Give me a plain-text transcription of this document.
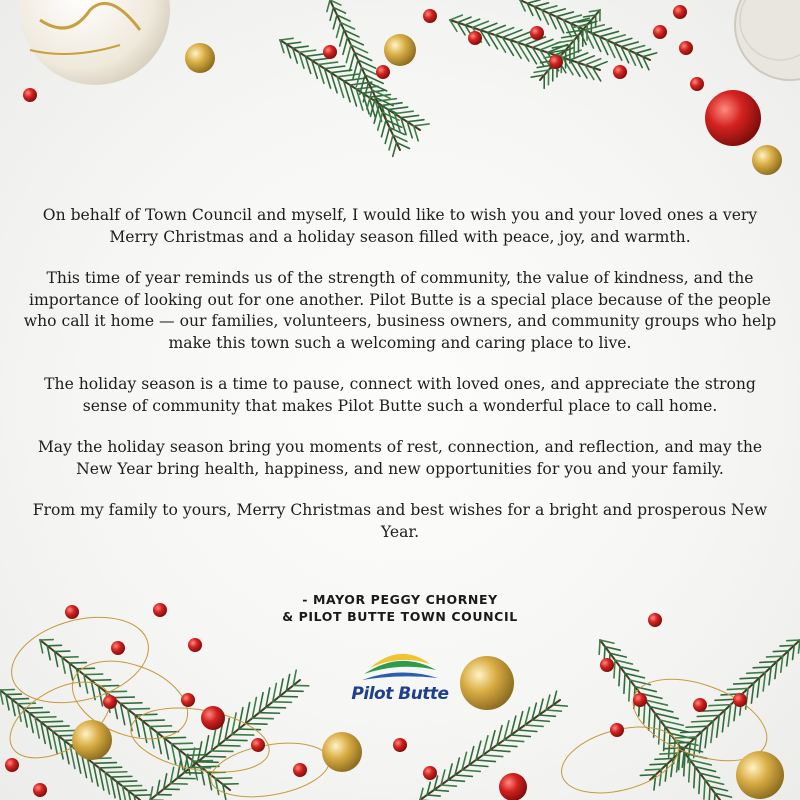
On behalf of Town Council and myself, I would like to wish you and your loved ones a very Merry Christmas and a holiday season filled with peace, joy, and warmth.

This time of year reminds us of the strength of community, the value of kindness, and the importance of looking out for one another. Pilot Butte is a special place because of the people who call it home — our families, volunteers, business owners, and community groups who help make this town such a welcoming and caring place to live.

The holiday season is a time to pause, connect with loved ones, and appreciate the strong sense of community that makes Pilot Butte such a wonderful place to call home.

May the holiday season bring you moments of rest, connection, and reflection, and may the New Year bring health, happiness, and new opportunities for you and your family.

From my family to yours, Merry Christmas and best wishes for a bright and prosperous New Year.

- MAYOR PEGGY CHORNEY
& PILOT BUTTE TOWN COUNCIL
Pilot Butte
